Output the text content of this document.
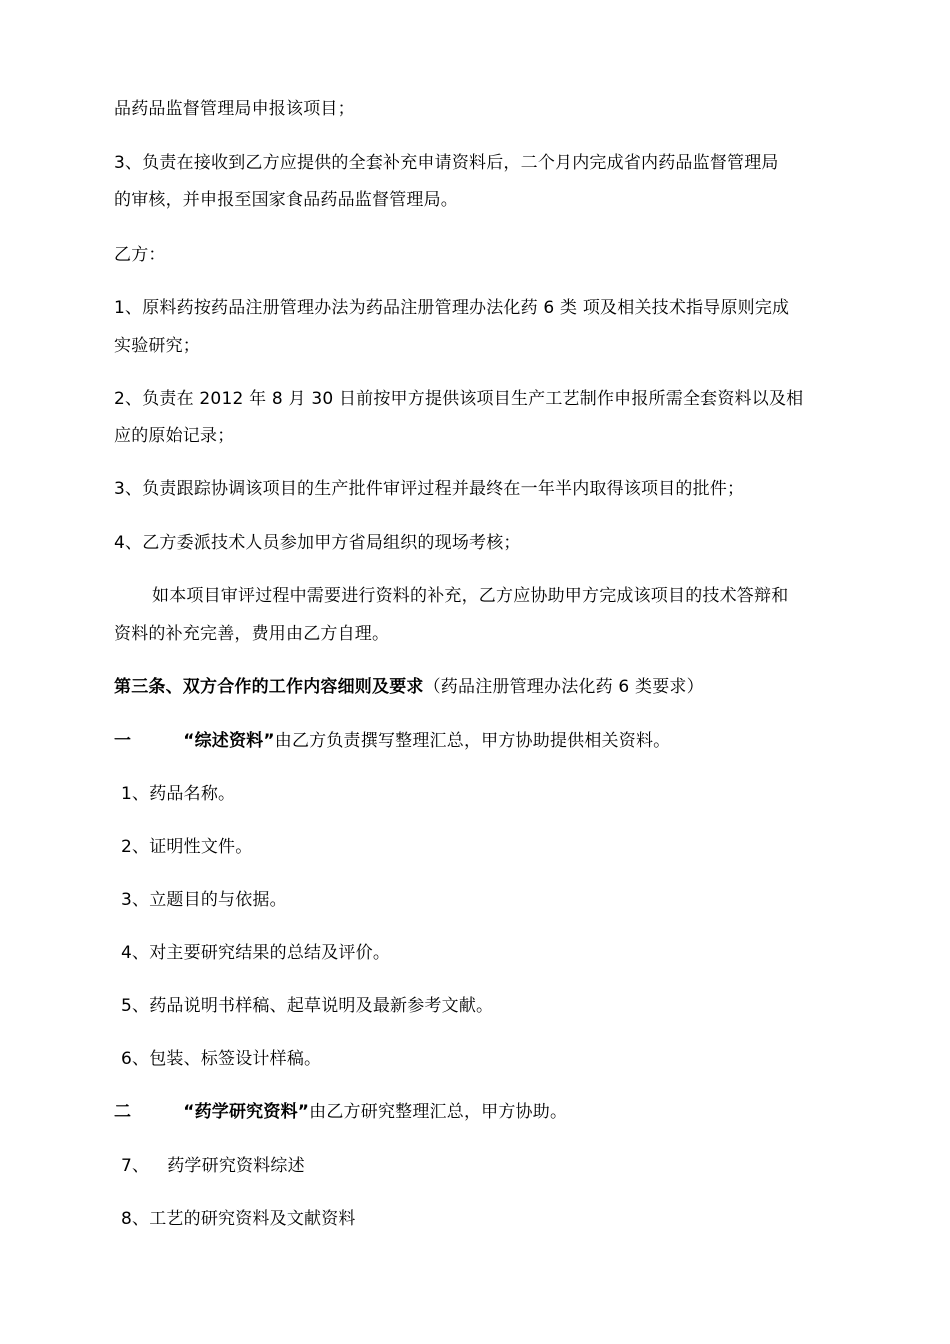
品药品监督管理局申报该项目；
3、负责在接收到乙方应提供的全套补充申请资料后，二个月内完成省内药品监督管理局
的审核，并申报至国家食品药品监督管理局。
乙方：
1、原料药按药品注册管理办法为药品注册管理办法化药 6 类 项及相关技术指导原则完成
实验研究；
2、负责在 2012 年 8 月 30 日前按甲方提供该项目生产工艺制作申报所需全套资料以及相
应的原始记录；
3、负责跟踪协调该项目的生产批件审评过程并最终在一年半内取得该项目的批件；
4、乙方委派技术人员参加甲方省局组织的现场考核；
如本项目审评过程中需要进行资料的补充，乙方应协助甲方完成该项目的技术答辩和
资料的补充完善，费用由乙方自理。
第三条、双方合作的工作内容细则及要求（药品注册管理办法化药 6 类要求）
一	“综述资料”由乙方负责撰写整理汇总，甲方协助提供相关资料。
1、药品名称。
2、证明性文件。
3、立题目的与依据。
4、对主要研究结果的总结及评价。
5、药品说明书样稿、起草说明及最新参考文献。
6、包装、标签设计样稿。
二	“药学研究资料”由乙方研究整理汇总，甲方协助。
7、 药学研究资料综述
8、工艺的研究资料及文献资料
